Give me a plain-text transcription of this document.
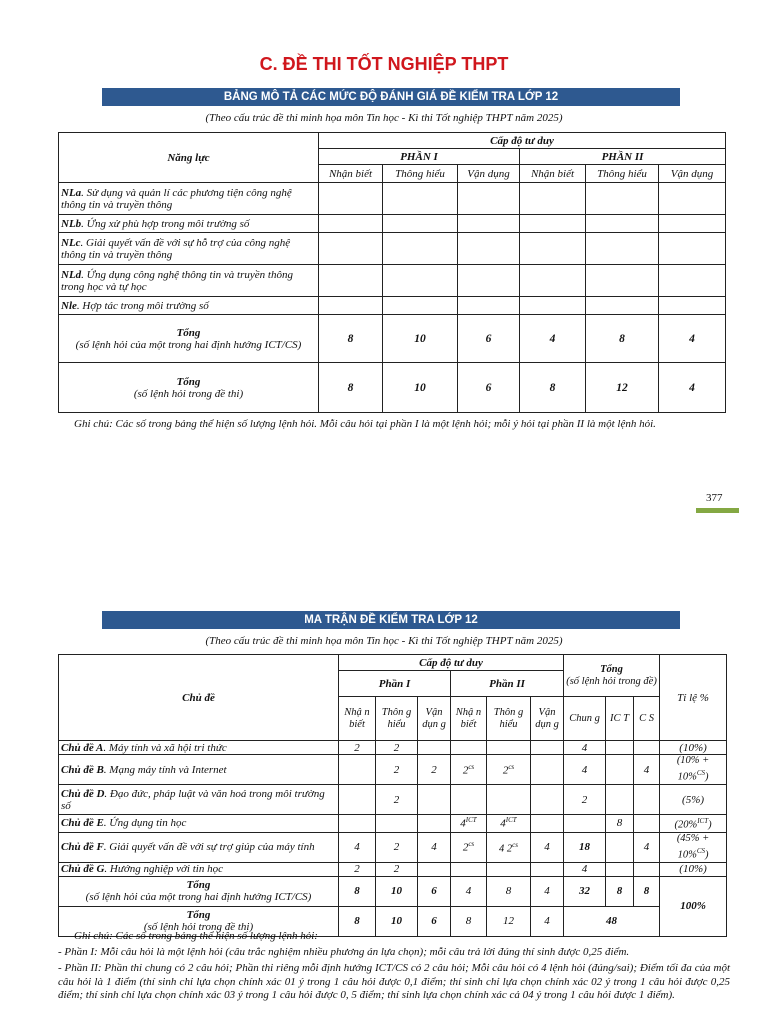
C. ĐỀ THI TỐT NGHIỆP THPT
BẢNG MÔ TẢ CÁC MỨC ĐỘ ĐÁNH GIÁ ĐỀ KIỂM TRA LỚP 12
(Theo cấu trúc đề thi minh họa môn Tin học - Kì thi Tốt nghiệp THPT năm 2025)
Năng lực	Cấp độ tư duy					
	PHẦN I			PHẦN II		
	Nhận biết	Thông hiểu	Vận dụng	Nhận biết	Thông hiểu	Vận dụng
NLa. Sử dụng và quản lí các phương tiện công nghệ thông tin và truyền thông						
NLb. Ứng xử phù hợp trong môi trường số						
NLc. Giải quyết vấn đề với sự hỗ trợ của công nghệ thông tin và truyền thông						
NLd. Ứng dụng công nghệ thông tin và truyền thông trong học và tự học						
Nle. Hợp tác trong môi trường số						

Tổng
(số lệnh hỏi của một trong hai định hướng ICT/CS)	8	10	6	4	8	4

Tổng
(số lệnh hỏi trong đề thi)	8	10	6	8	12	4
Ghi chú: Các số trong bảng thể hiện số lượng lệnh hỏi. Mỗi câu hỏi tại phần I là một lệnh hỏi; mỗi ý hỏi tại phần II là một lệnh hỏi.
377
MA TRẬN ĐỀ KIỂM TRA LỚP 12
(Theo cấu trúc đề thi minh họa môn Tin học - Kì thi Tốt nghiệp THPT năm 2025)
Chủ đề	Cấp độ tư duy						Tổng
(số lệnh hỏi trong đề)			Tỉ lệ %
	Phần I			Phần II						
	Nhậ n biết	Thôn g hiểu	Vận dụn g	Nhậ n biết	Thôn g hiểu	Vận dụn g	Chun g	IC T	C S	
Chủ đề A. Máy tính và xã hội tri thức	2	2					4			(10%)
Chủ đề B. Mạng máy tính và Internet		2	2	$2^{cs}$	$2^{cs}$		4		4	(10% + 10%$^{CS}$)
Chủ đề D. Đạo đức, pháp luật và văn hoá trong môi trường số		2					2			(5%)
Chủ đề E. Ứng dụng tin học				$4^{ICT}$	$4^{ICT}$			8		(20%$^{ICT}$)
Chủ đề F. Giải quyết vấn đề với sự trợ giúp của máy tính	4	2	4	$2^{cs}$	4 $2^{cs}$	4	18		4	(45% + 10%$^{CS}$)
Chủ đề G. Hướng nghiệp với tin học	2	2					4			(10%)

Tổng
(số lệnh hỏi của một trong hai định hướng ICT/CS)	8	10	6	4	8	4	32	8	8	100%

Tổng
(số lệnh hỏi trong đề thi)	8	10	6	8	12	4	48			
Ghi chú: Các số trong bảng thể hiện số lượng lệnh hỏi:
- Phần I: Mỗi câu hỏi là một lệnh hỏi (câu trắc nghiệm nhiều phương án lựa chọn); mỗi câu trả lời đúng thí sinh được 0,25 điểm.
- Phần II: Phần thi chung có 2 câu hỏi; Phần thi riêng mỗi định hướng ICT/CS có 2 câu hỏi; Mỗi câu hỏi có 4 lệnh hỏi (đúng/sai); Điểm tối đa của một câu hỏi là 1 điểm (thí sinh chỉ lựa chọn chính xác 01 ý trong 1 câu hỏi được 0,1 điểm; thí sinh chỉ lựa chọn chính xác 02 ý trong 1 câu hỏi được 0,25 điểm; thí sinh chỉ lựa chọn chính xác 03 ý trong 1 câu hỏi được 0, 5 điểm; thí sinh lựa chọn chính xác cả 04 ý trong 1 câu hỏi được 1 điểm).
